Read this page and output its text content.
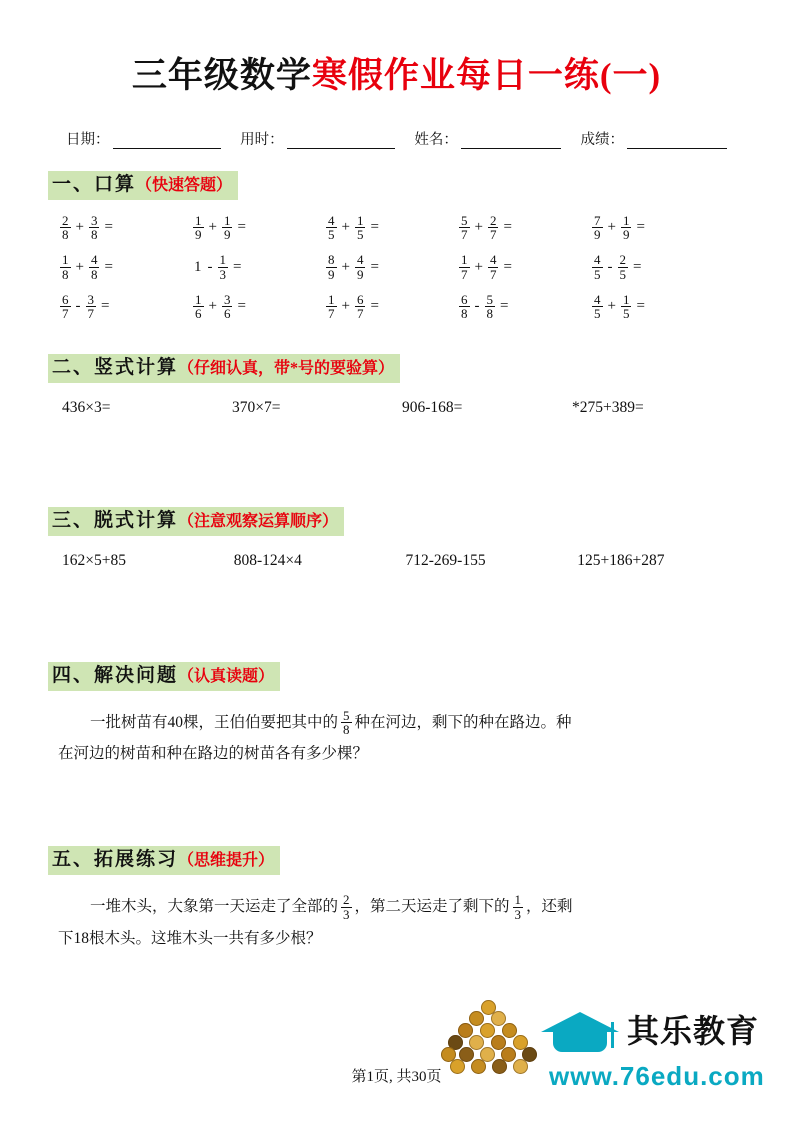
三年级数学寒假作业每日一练(一)
日期：	用时：	姓名：	成绩：
一、口算（快速答题）
$\frac{2}{8} + \frac{3}{8}$ =	$\frac{1}{9} + \frac{1}{9}$ =	$\frac{4}{5} + \frac{1}{5}$ =	$\frac{5}{7} + \frac{2}{7}$ =	$\frac{7}{9} + \frac{1}{9}$ =
$\frac{1}{8} + \frac{4}{8}$ =	$1 - \frac{1}{3}$ =	$\frac{8}{9} + \frac{4}{9}$ =	$\frac{1}{7} + \frac{4}{7}$ =	$\frac{4}{5} - \frac{2}{5}$ =
$\frac{6}{7} - \frac{3}{7}$ =	$\frac{1}{6} + \frac{3}{6}$ =	$\frac{1}{7} + \frac{6}{7}$ =	$\frac{6}{8} - \frac{5}{8}$ =	$\frac{4}{5} + \frac{1}{5}$ =
二、竖式计算（仔细认真，带*号的要验算）
436×3=	370×7=	906-168=	*275+389=
三、脱式计算（注意观察运算顺序）
162×5+85	808-124×4	712-269-155	125+186+287
四、解决问题（认真读题）
一批树苗有40棵，王伯伯要把其中的 $\frac{5}{8}$ 种在河边，剩下的种在路边。种
在河边的树苗和种在路边的树苗各有多少棵？
五、拓展练习（思维提升）
一堆木头，大象第一天运走了全部的 $\frac{2}{3}$ ，第二天运走了剩下的 $\frac{1}{3}$ ，还剩
下18根木头。这堆木头一共有多少根？
第1页, 共30页
其乐教育
www.76edu.com
